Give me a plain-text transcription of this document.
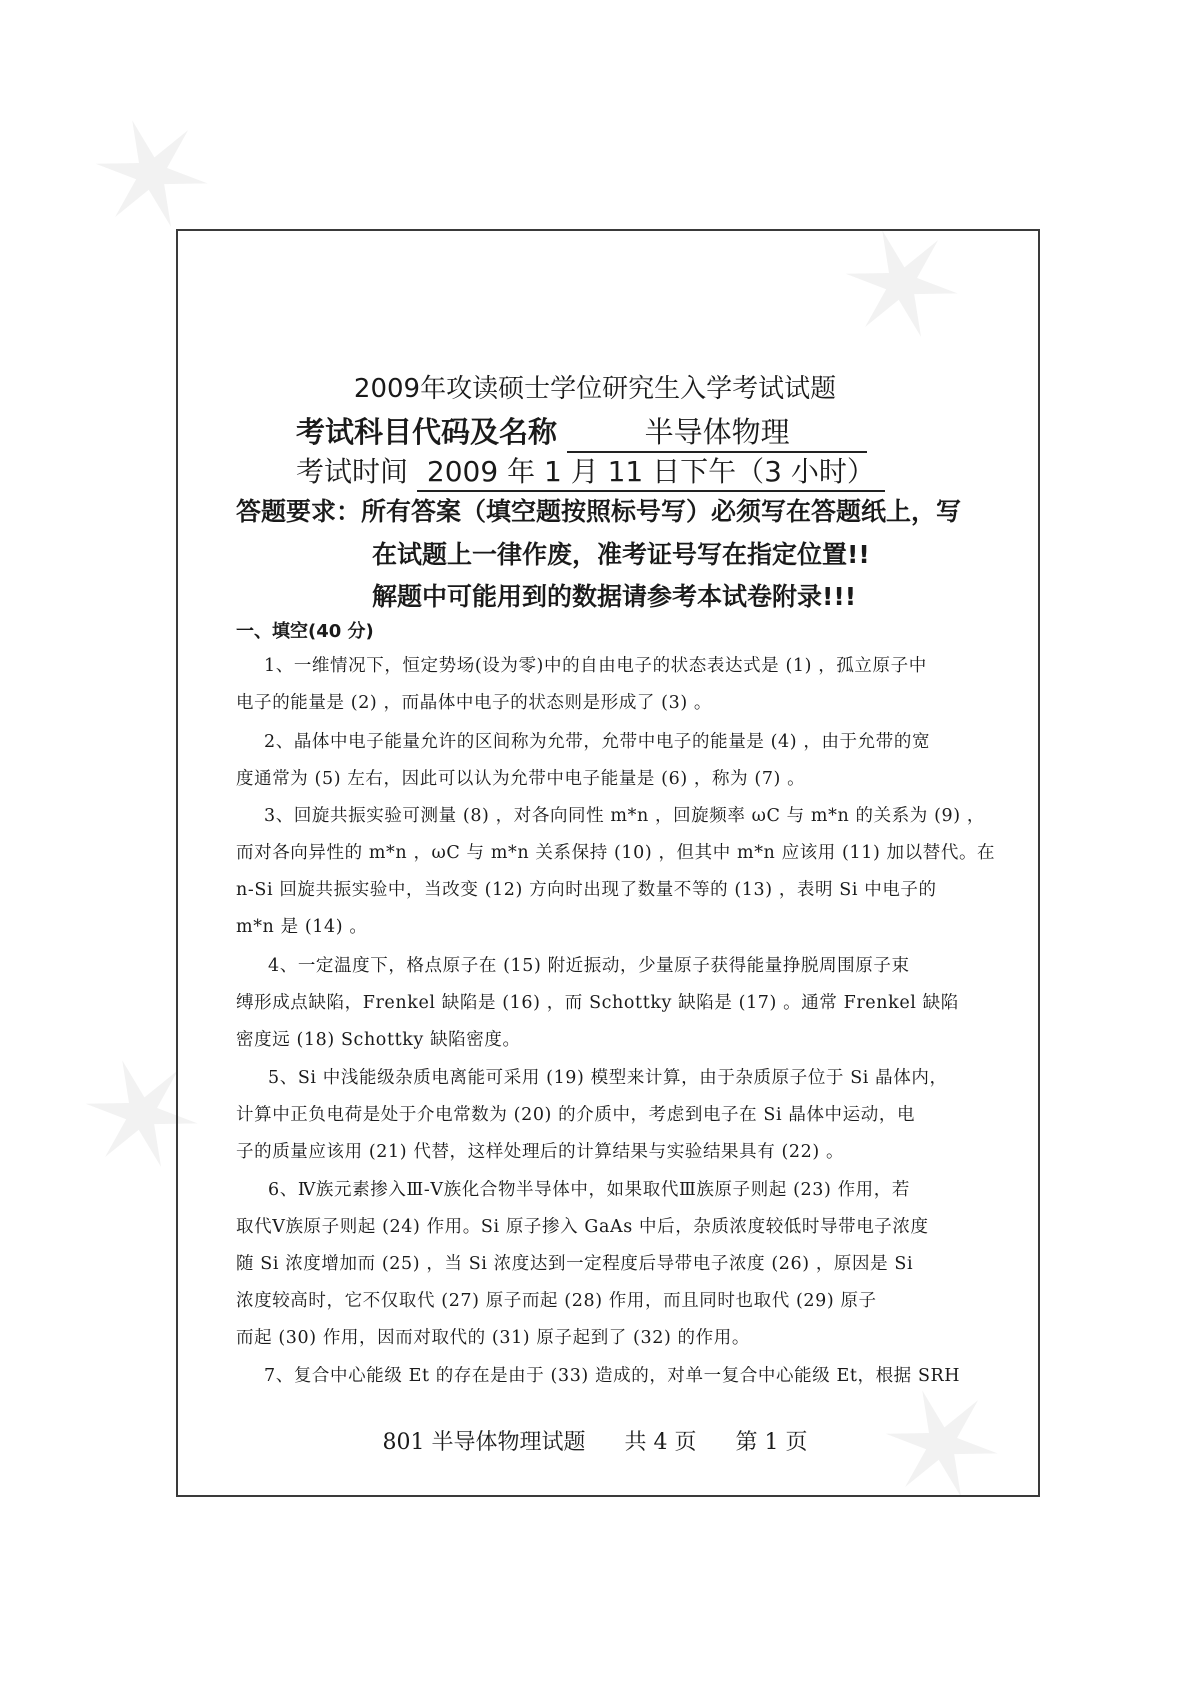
✶
✶
✶
✶
2009年攻读硕士学位研究生入学考试试题
考试科目代码及名称	半导体物理
考试时间 2009 年 1 月 11 日下午（3 小时）
答题要求：所有答案（填空题按照标号写）必须写在答题纸上，写
在试题上一律作废，准考证号写在指定位置!!
解题中可能用到的数据请参考本试卷附录!!!
一、填空(40 分)
1、一维情况下，恒定势场(设为零)中的自由电子的状态表达式是 (1) ，孤立原子中
电子的能量是 (2) ，而晶体中电子的状态则是形成了 (3) 。
2、晶体中电子能量允许的区间称为允带，允带中电子的能量是 (4) ，由于允带的宽
度通常为 (5) 左右，因此可以认为允带中电子能量是 (6) ，称为 (7) 。
3、回旋共振实验可测量 (8) ，对各向同性 m*n ，回旋频率 ωC 与 m*n 的关系为 (9) ，
而对各向异性的 m*n ，ωC 与 m*n 关系保持 (10) ，但其中 m*n 应该用 (11) 加以替代。在
n-Si 回旋共振实验中，当改变 (12) 方向时出现了数量不等的 (13) ，表明 Si 中电子的
m*n 是 (14) 。
4、一定温度下，格点原子在 (15) 附近振动，少量原子获得能量挣脱周围原子束
缚形成点缺陷，Frenkel 缺陷是 (16) ，而 Schottky 缺陷是 (17) 。通常 Frenkel 缺陷
密度远 (18) Schottky 缺陷密度。
5、Si 中浅能级杂质电离能可采用 (19) 模型来计算，由于杂质原子位于 Si 晶体内，
计算中正负电荷是处于介电常数为 (20) 的介质中，考虑到电子在 Si 晶体中运动，电
子的质量应该用 (21) 代替，这样处理后的计算结果与实验结果具有 (22) 。
6、Ⅳ族元素掺入Ⅲ-Ⅴ族化合物半导体中，如果取代Ⅲ族原子则起 (23) 作用，若
取代Ⅴ族原子则起 (24) 作用。Si 原子掺入 GaAs 中后，杂质浓度较低时导带电子浓度
随 Si 浓度增加而 (25) ，当 Si 浓度达到一定程度后导带电子浓度 (26) ，原因是 Si
浓度较高时，它不仅取代 (27) 原子而起 (28) 作用，而且同时也取代 (29) 原子
而起 (30) 作用，因而对取代的 (31) 原子起到了 (32) 的作用。
7、复合中心能级 Et 的存在是由于 (33) 造成的，对单一复合中心能级 Et，根据 SRH
801 半导体物理试题 共 4 页 第 1 页
